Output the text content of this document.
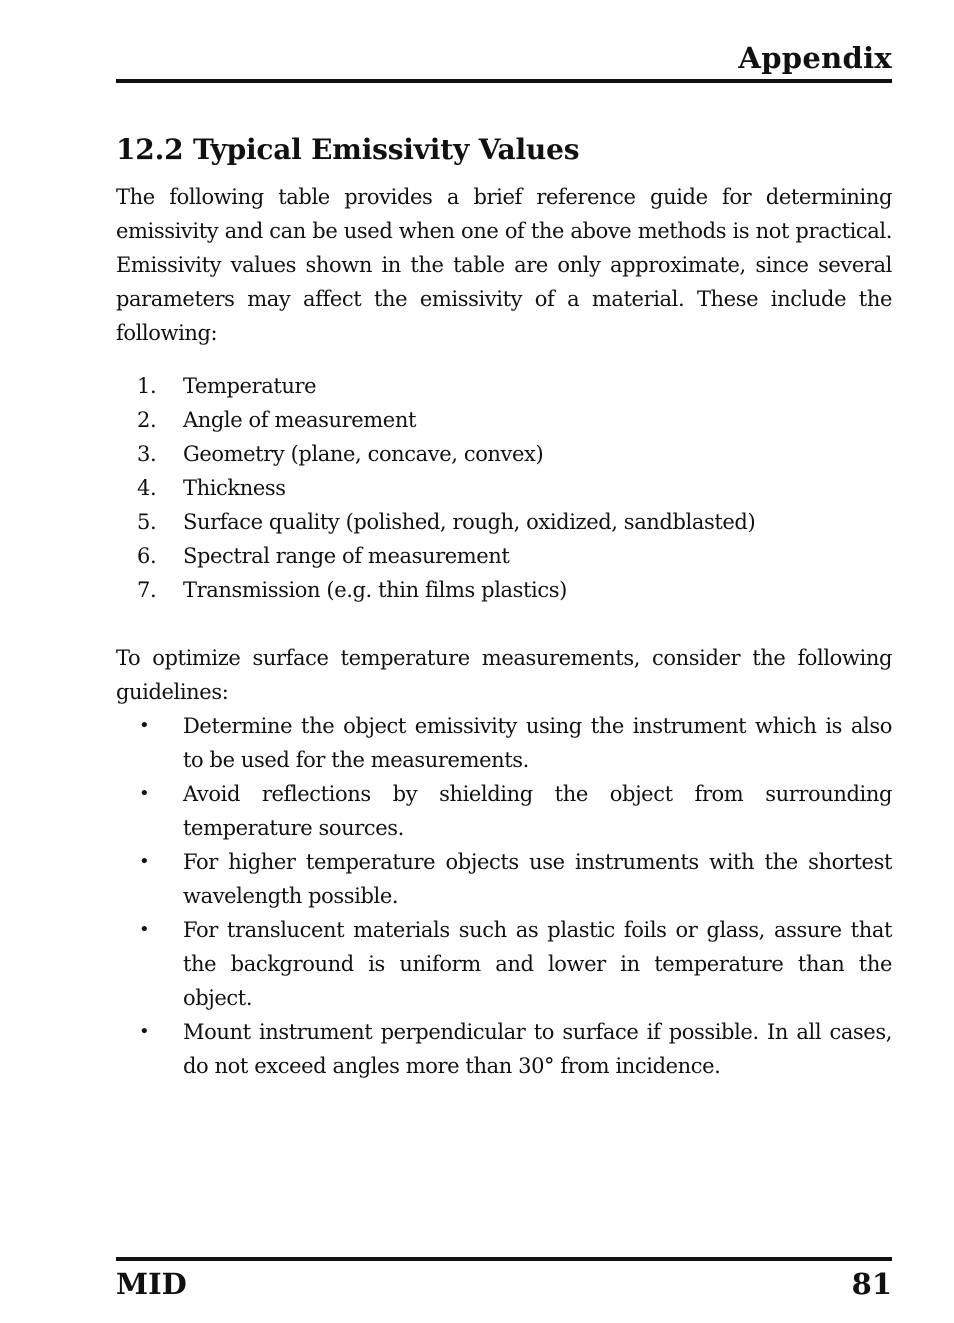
Appendix
12.2 Typical Emissivity Values

The following table provides a brief reference guide for determining emissivity and can be used when one of the above methods is not practical. Emissivity values shown in the table are only approximate, since several parameters may affect the emissivity of a material. These include the following:

1. Temperature
2. Angle of measurement
3. Geometry (plane, concave, convex)
4. Thickness
5. Surface quality (polished, rough, oxidized, sandblasted)
6. Spectral range of measurement
7. Transmission (e.g. thin films plastics)

To optimize surface temperature measurements, consider the following guidelines:

• Determine the object emissivity using the instrument which is also to be used for the measurements.
• Avoid reflections by shielding the object from surrounding temperature sources.
• For higher temperature objects use instruments with the shortest wavelength possible.
• For translucent materials such as plastic foils or glass, assure that the background is uniform and lower in temperature than the object.
• Mount instrument perpendicular to surface if possible. In all cases, do not exceed angles more than 30° from incidence.
MID	81
